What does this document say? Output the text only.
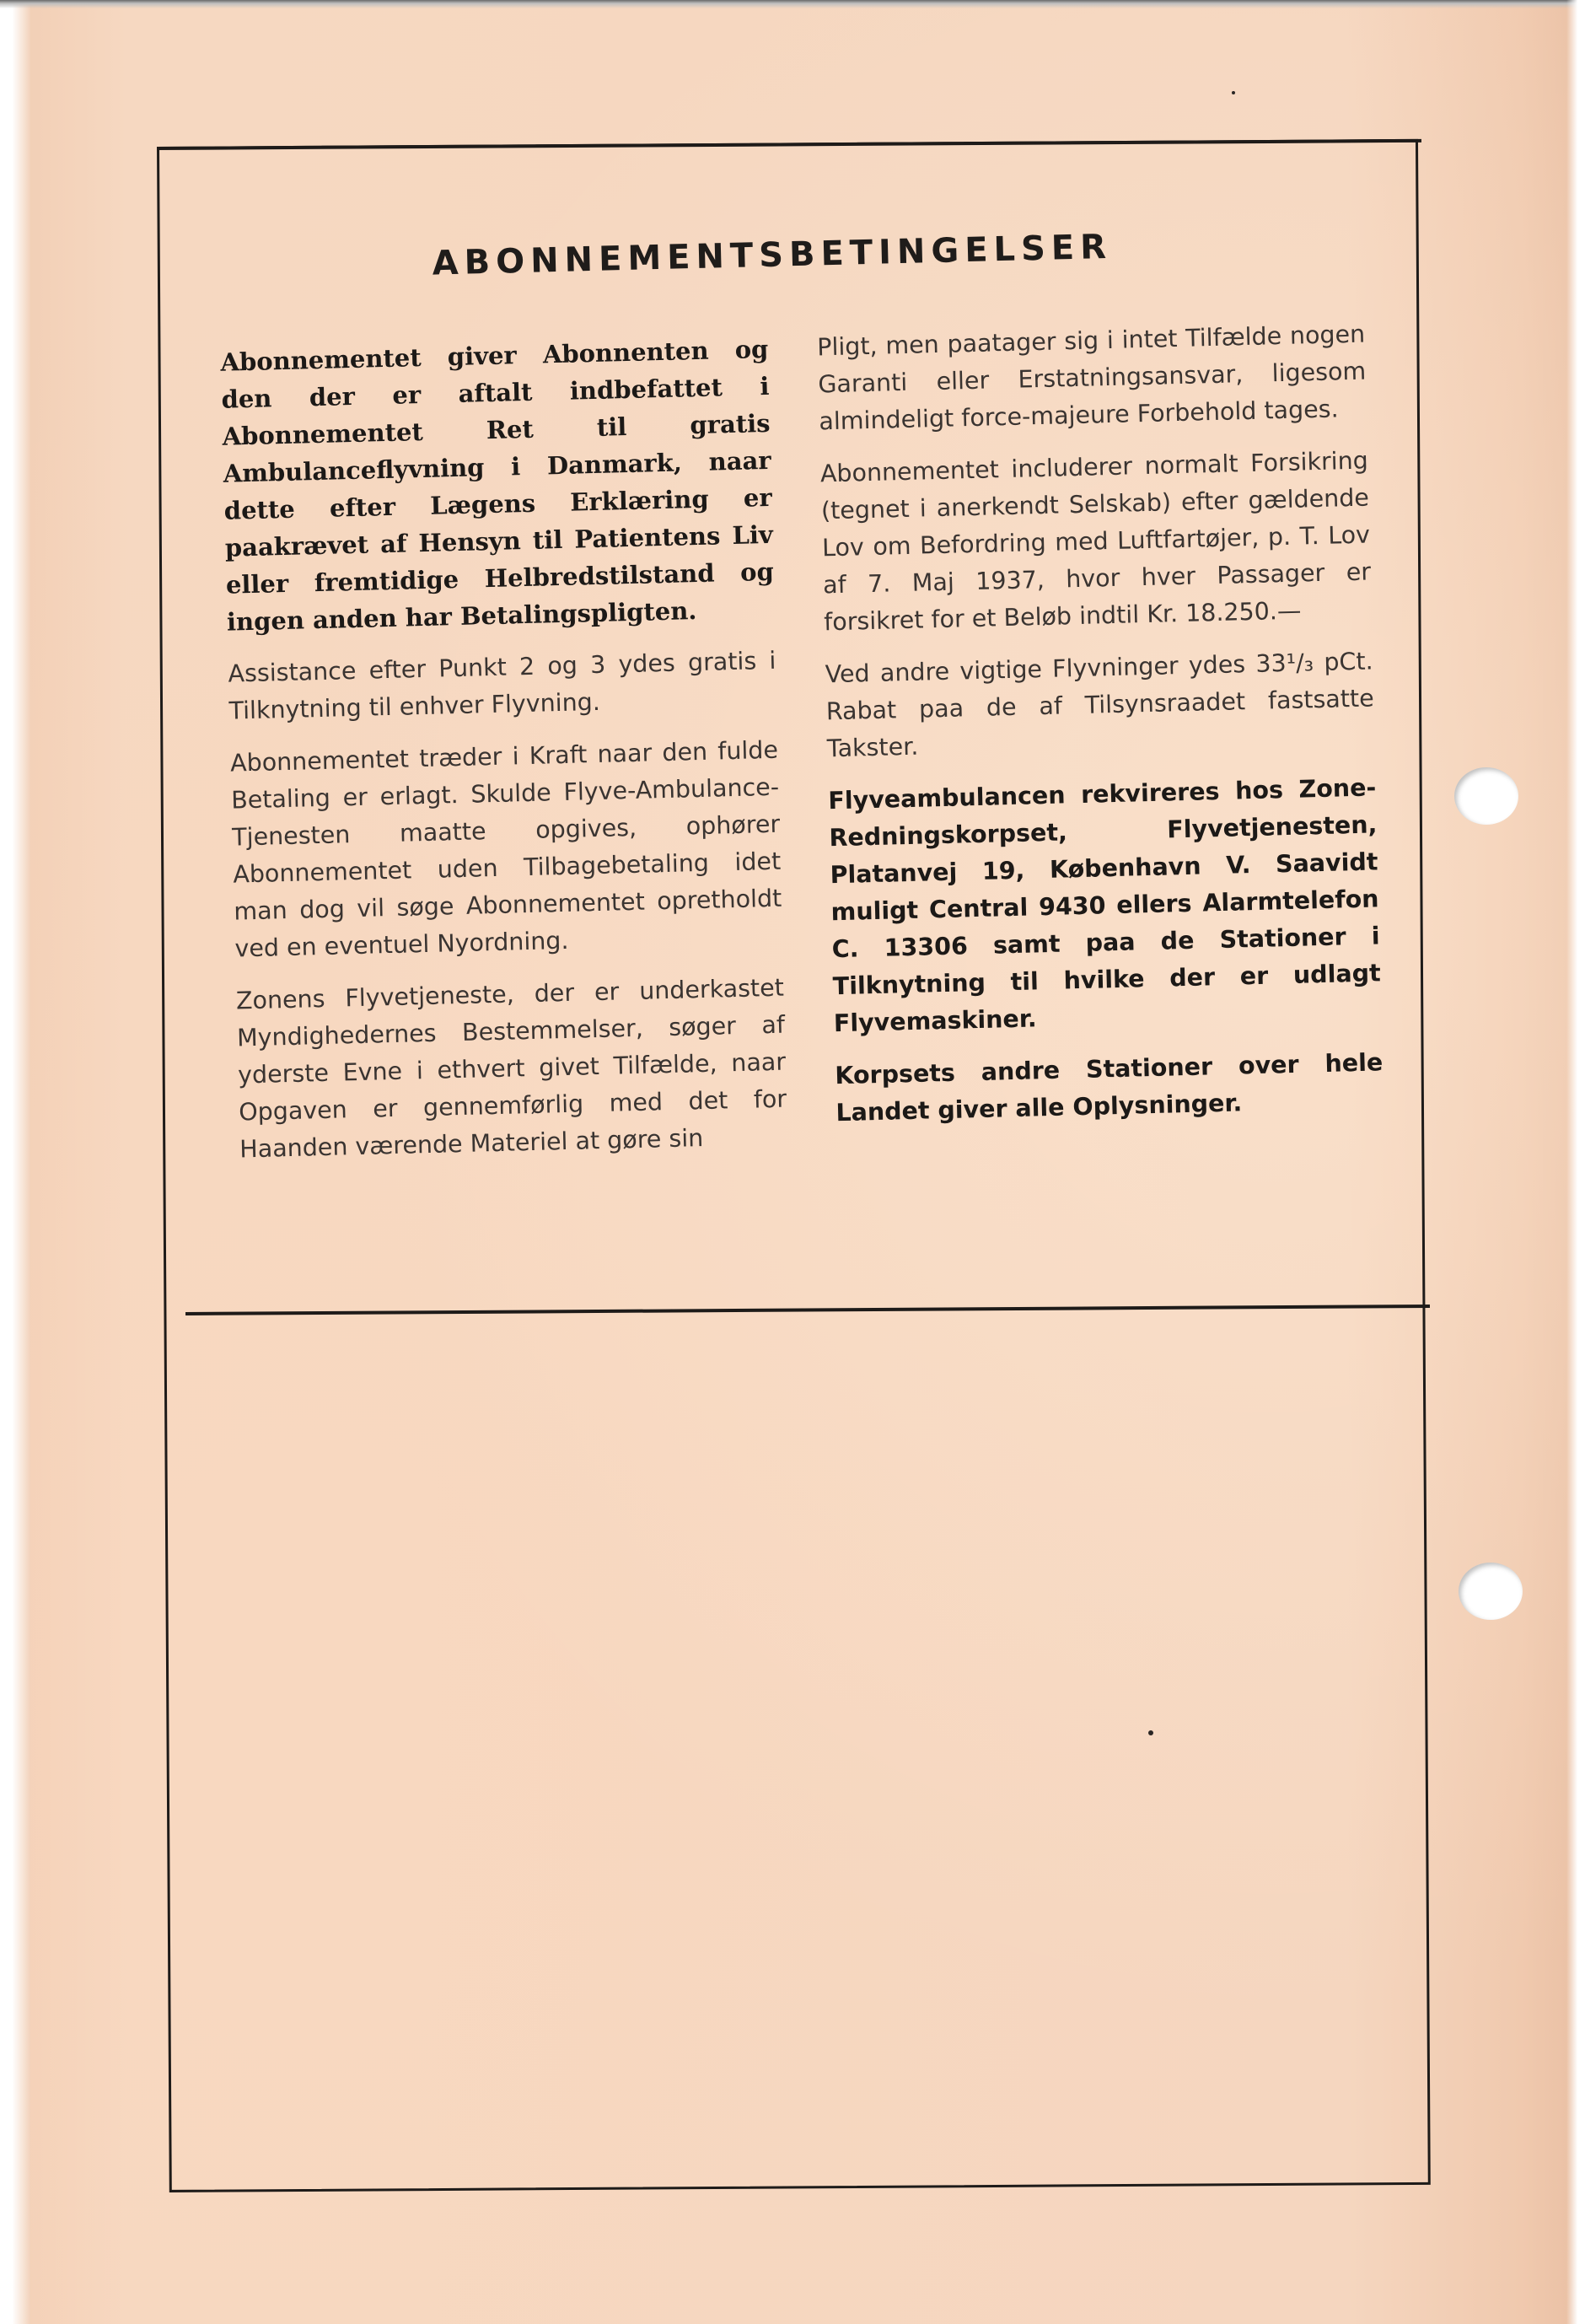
ABONNEMENTSBETINGELSER

Abonnementet giver Abonnenten og den der er aftalt indbefattet i Abonnementet Ret til gratis Ambulanceflyvning i Danmark, naar dette efter Lægens Erklæring er paakrævet af Hensyn til Patientens Liv eller fremtidige Helbredstilstand og ingen anden har Betalingspligten.

Assistance efter Punkt 2 og 3 ydes gratis i Tilknytning til enhver Flyvning.

Abonnementet træder i Kraft naar den fulde Betaling er erlagt. Skulde Flyve-Ambulance-Tjenesten maatte opgives, ophører Abonnementet uden Tilbagebetaling idet man dog vil søge Abonnementet opretholdt ved en eventuel Nyordning.

Zonens Flyvetjeneste, der er underkastet Myndighedernes Bestemmelser, søger af yderste Evne i ethvert givet Tilfælde, naar Opgaven er gennemførlig med det for Haanden værende Materiel at gøre sin

Pligt, men paatager sig i intet Tilfælde nogen Garanti eller Erstatningsansvar, ligesom almindeligt force-majeure Forbehold tages.

Abonnementet includerer normalt Forsikring (tegnet i anerkendt Selskab) efter gældende Lov om Befordring med Luftfartøjer, p. T. Lov af 7. Maj 1937, hvor hver Passager er forsikret for et Beløb indtil Kr. 18.250.—

Ved andre vigtige Flyvninger ydes 33¹/₃ pCt. Rabat paa de af Tilsynsraadet fastsatte Takster.

Flyveambulancen rekvireres hos Zone-Redningskorpset, Flyvetjenesten, Platanvej 19, København V. Saavidt muligt Central 9430 ellers Alarmtelefon C. 13306 samt paa de Stationer i Tilknytning til hvilke der er udlagt Flyvemaskiner.

Korpsets andre Stationer over hele Landet giver alle Oplysninger.
